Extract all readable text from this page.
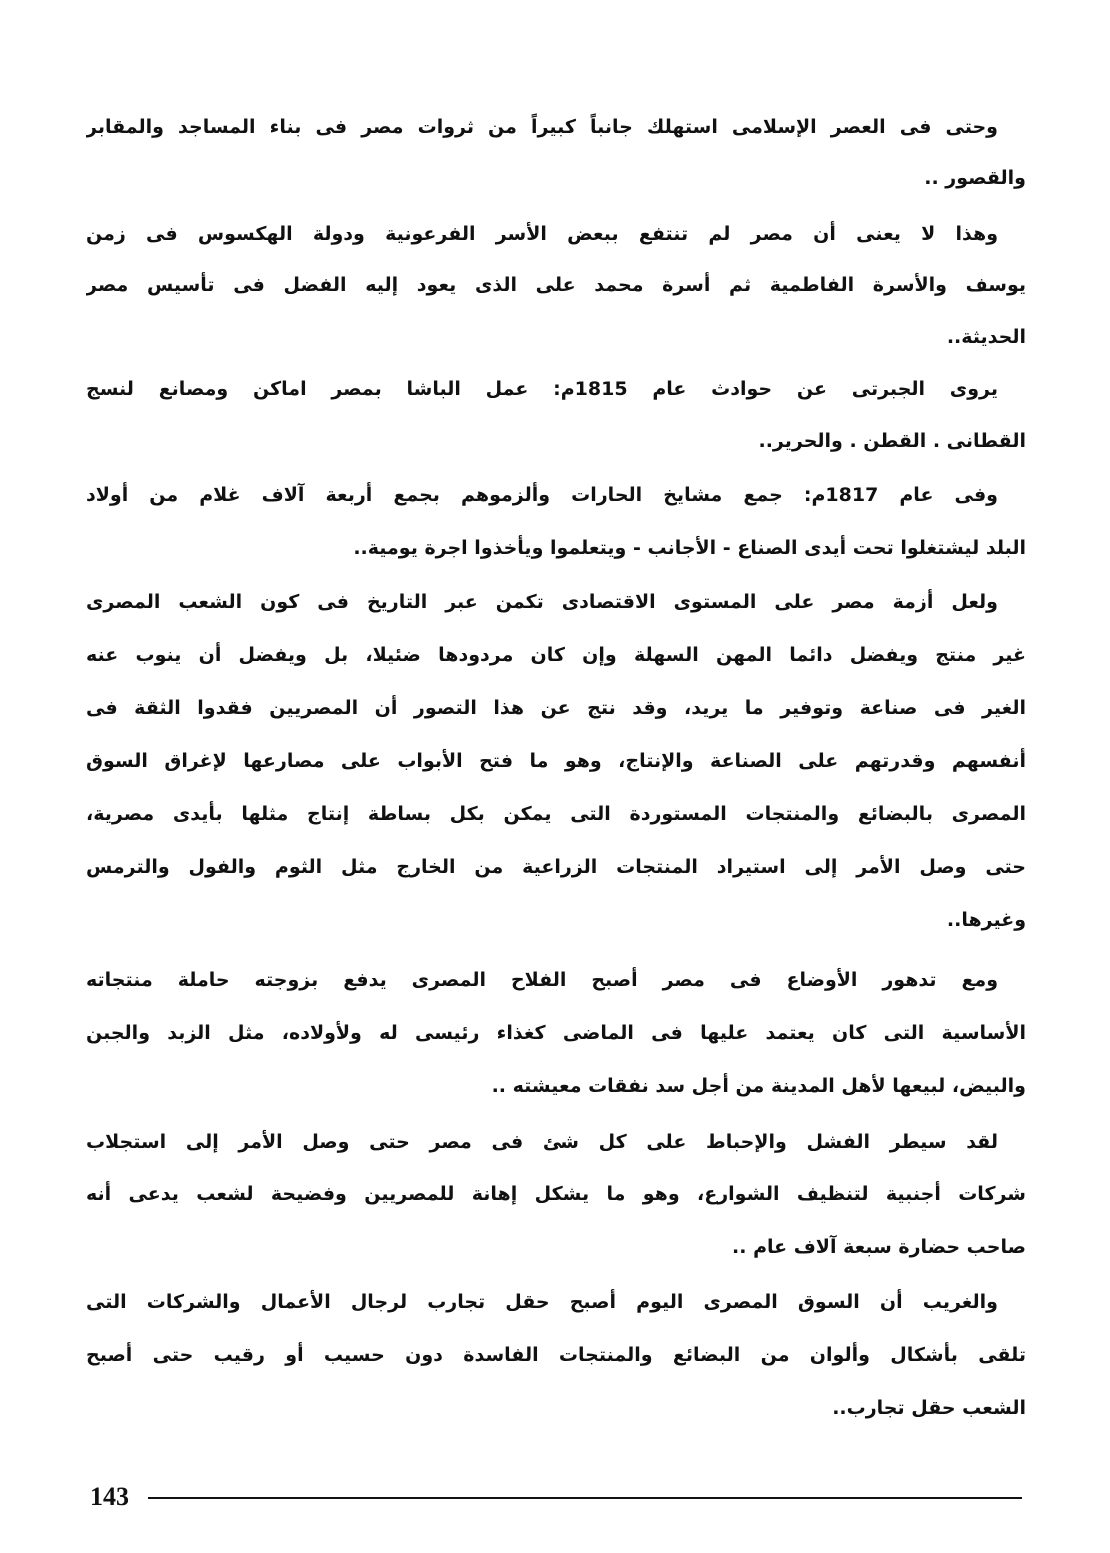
وحتى فى العصر الإسلامى استهلك جانباً كبيراً من ثروات مصر فى بناء المساجد والمقابر
والقصور ..
وهذا لا يعنى أن مصر لم تنتفع ببعض الأسر الفرعونية ودولة الهكسوس فى زمن
يوسف والأسرة الفاطمية ثم أسرة محمد على الذى يعود إليه الفضل فى تأسيس مصر
الحديثة..
يروى الجبرتى عن حوادث عام 1815م: عمل الباشا بمصر اماكن ومصانع لنسج
القطانى . القطن . والحرير..
وفى عام 1817م: جمع مشايخ الحارات وألزموهم بجمع أربعة آلاف غلام من أولاد
البلد ليشتغلوا تحت أيدى الصناع - الأجانب - ويتعلموا ويأخذوا اجرة يومية..
ولعل أزمة مصر على المستوى الاقتصادى تكمن عبر التاريخ فى كون الشعب المصرى
غير منتج ويفضل دائما المهن السهلة وإن كان مردودها ضئيلا، بل ويفضل أن ينوب عنه
الغير فى صناعة وتوفير ما يريد، وقد نتج عن هذا التصور أن المصريين فقدوا الثقة فى
أنفسهم وقدرتهم على الصناعة والإنتاج، وهو ما فتح الأبواب على مصارعها لإغراق السوق
المصرى بالبضائع والمنتجات المستوردة التى يمكن بكل بساطة إنتاج مثلها بأيدى مصرية،
حتى وصل الأمر إلى استيراد المنتجات الزراعية من الخارج مثل الثوم والفول والترمس
وغيرها..
ومع تدهور الأوضاع فى مصر أصبح الفلاح المصرى يدفع بزوجته حاملة منتجاته
الأساسية التى كان يعتمد عليها فى الماضى كغذاء رئيسى له ولأولاده، مثل الزبد والجبن
والبيض، لبيعها لأهل المدينة من أجل سد نفقات معيشته ..
لقد سيطر الفشل والإحباط على كل شئ فى مصر حتى وصل الأمر إلى استجلاب
شركات أجنبية لتنظيف الشوارع، وهو ما يشكل إهانة للمصريين وفضيحة لشعب يدعى أنه
صاحب حضارة سبعة آلاف عام ..
والغريب أن السوق المصرى اليوم أصبح حقل تجارب لرجال الأعمال والشركات التى
تلقى بأشكال وألوان من البضائع والمنتجات الفاسدة دون حسيب أو رقيب حتى أصبح
الشعب حقل تجارب..
143
